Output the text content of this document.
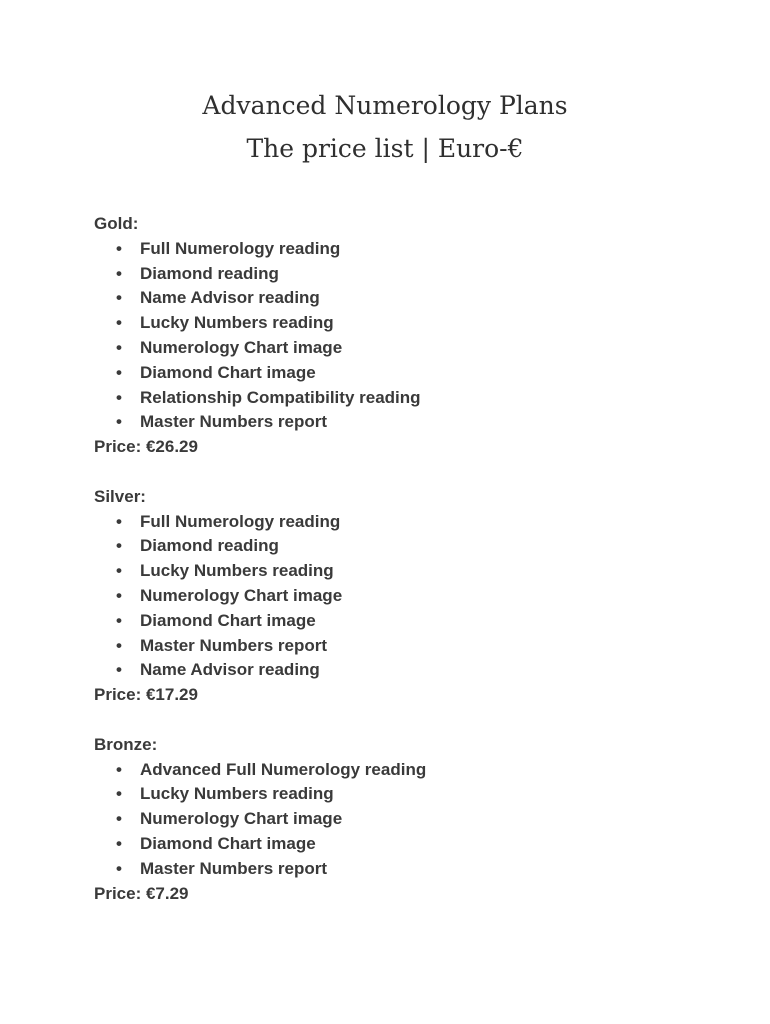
Advanced Numerology Plans
The price list | Euro-€
Gold:
• Full Numerology reading
• Diamond reading
• Name Advisor reading
• Lucky Numbers reading
• Numerology Chart image
• Diamond Chart image
• Relationship Compatibility reading
• Master Numbers report
Price: €26.29
Silver:
• Full Numerology reading
• Diamond reading
• Lucky Numbers reading
• Numerology Chart image
• Diamond Chart image
• Master Numbers report
• Name Advisor reading
Price: €17.29
Bronze:
• Advanced Full Numerology reading
• Lucky Numbers reading
• Numerology Chart image
• Diamond Chart image
• Master Numbers report
Price: €7.29
